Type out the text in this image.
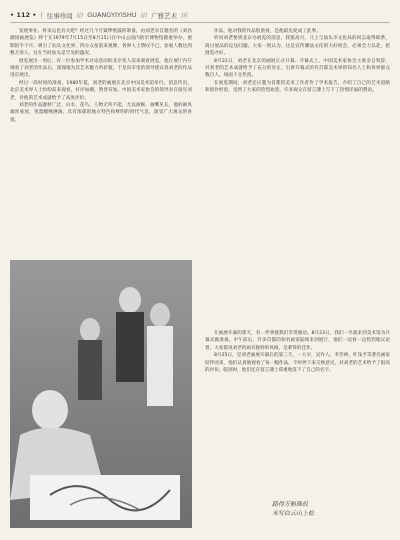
• 112 • | 往事珍闻 /// GUANGYIYISHU /// 广雅艺术 ///

发展事业，将来运也有关吧？经过几个月紧锣密鼓的筹备，由刘老亲自题名的《刘昌潮国画展览》终于在1979年7月15日至8月15日在中山公园内的市博物馆隆重举办。展期的半个月，吸引了汕头文化界，四方众星前来观摩，各界人士赞叹不已。参观人数达到数万余人，这在当时汕头是罕见的盛况。

展览展出一周后，有一位参加学术讨论活动的北京客人前来观看展览，他在展厅内仔细看了刘老的作品后，深深地为其艺术魅力所折服，于是向市里的领导建议将刘老的作品进京展出。

经过一段时间的准备，1980年夏，刘老的画展在北京中国美术馆举行。消息传出，北京美术界人士纷纷前来观看，好评如潮，赞誉有加。中国美术家协会的领导亲自接见刘老，对他的艺术成就给予了高度评价。

刘老的作品题材广泛，山水、花鸟、人物无所不能，尤以画猴、画鹰见长。他的画风雄浑豪放，笔墨酣畅淋漓，具有浓郁的地方特色和鲜明的时代气息，深受广大观众的喜爱。

作品，他对我的作品很重视，是他最先促成了此事。

听说刘老要到北京办展览的消息，我很高兴，马上与汕头市文化局的同志取得联系，商讨展品的运送问题。大家一致认为，这是宣传潮汕文化的大好机会，必须全力以赴，把展览办好。

8月22日，刘老在北京的画展正式开幕。开幕式上，中国美术家协会主席亲自致辞，对刘老的艺术成就给予了充分的肯定。出席开幕式的有首都美术界的知名人士和各界群众数百人，场面十分热烈。

在展览期间，刘老还应邀为首都的美术工作者作了学术报告，介绍了自己的艺术道路和创作经验，受到了大家的热烈欢迎。许多观众在留言簿上写下了热情洋溢的赞语。

在画展开幕的那天，有一件事使我们非常感动。8月23日，我们一早就来到美术馆为开幕式做准备。中午前后，许多首都的知名画家陆续来到展厅，他们一边看一边热烈地议论着，大家都说刘老的画有独特的风格，是难得的佳作。

8月25日，是刘老画展开幕后的第三天，一大早，吴作人、李苦禅、叶浅予等著名画家结伴而来，他们认真地观看了每一幅作品，不时停下来交换意见，对刘老的艺术给予了很高的评价。临别时，他们还在留言簿上郑重地签下了自己的名字。

路得万斛珠玑
未写白云山上松
